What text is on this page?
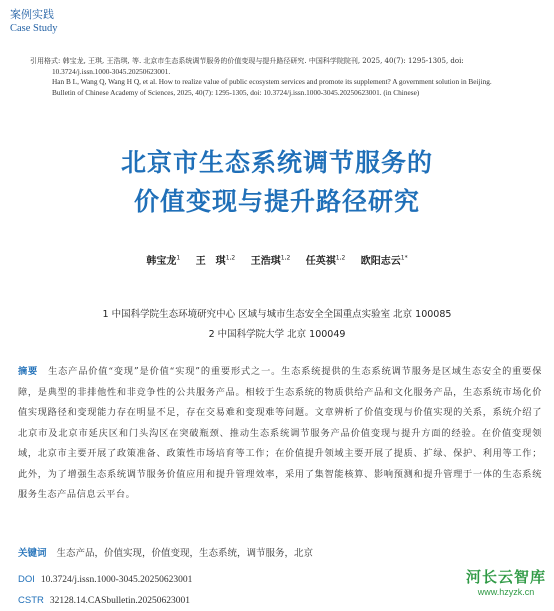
案例实践
Case Study
引用格式: 韩宝龙, 王琪, 王浩琪, 等. 北京市生态系统调节服务的价值变现与提升路径研究. 中国科学院院刊, 2025, 40(7): 1295-1305, doi:
10.3724/j.issn.1000-3045.20250623001.
Han B L, Wang Q, Wang H Q, et al. How to realize value of public ecosystem services and promote its supplement? A government solution in Beijing.
Bulletin of Chinese Academy of Sciences, 2025, 40(7): 1295-1305, doi: 10.3724/j.issn.1000-3045.20250623001. (in Chinese)
北京市生态系统调节服务的
价值变现与提升路径研究
韩宝龙$^1$ 王　琪$^{1,2}$ 王浩琪$^{1,2}$ 任英祺$^{1,2}$ 欧阳志云$^{1*}$
1 中国科学院生态环境研究中心 区域与城市生态安全全国重点实验室 北京 100085
2 中国科学院大学 北京 100049
摘要 生态产品价值“变现”是价值“实现”的重要形式之一。生态系统提供的生态系统调节服务是区域生态安全的重要保障，是典型的非排他性和非竞争性的公共服务产品。相较于生态系统的物质供给产品和文化服务产品，生态系统市场化价值实现路径和变现能力存在明显不足，存在交易难和变现难等问题。文章辨析了价值变现与价值实现的关系，系统介绍了北京市及北京市延庆区和门头沟区在突破瓶颈、推动生态系统调节服务产品价值变现与提升方面的经验。在价值变现领域，北京市主要开展了政策准备、政策性市场培育等工作；在价值提升领域主要开展了提质、扩绿、保护、利用等工作；此外，为了增强生态系统调节服务价值应用和提升管理效率，采用了集智能核算、影响预测和提升管理于一体的生态系统服务生态产品信息云平台。
关键词 生态产品，价值实现，价值变现，生态系统，调节服务，北京
DOI 10.3724/j.issn.1000-3045.20250623001
CSTR 32128.14.CASbulletin.20250623001
河长云智库
www.hzyzk.cn
